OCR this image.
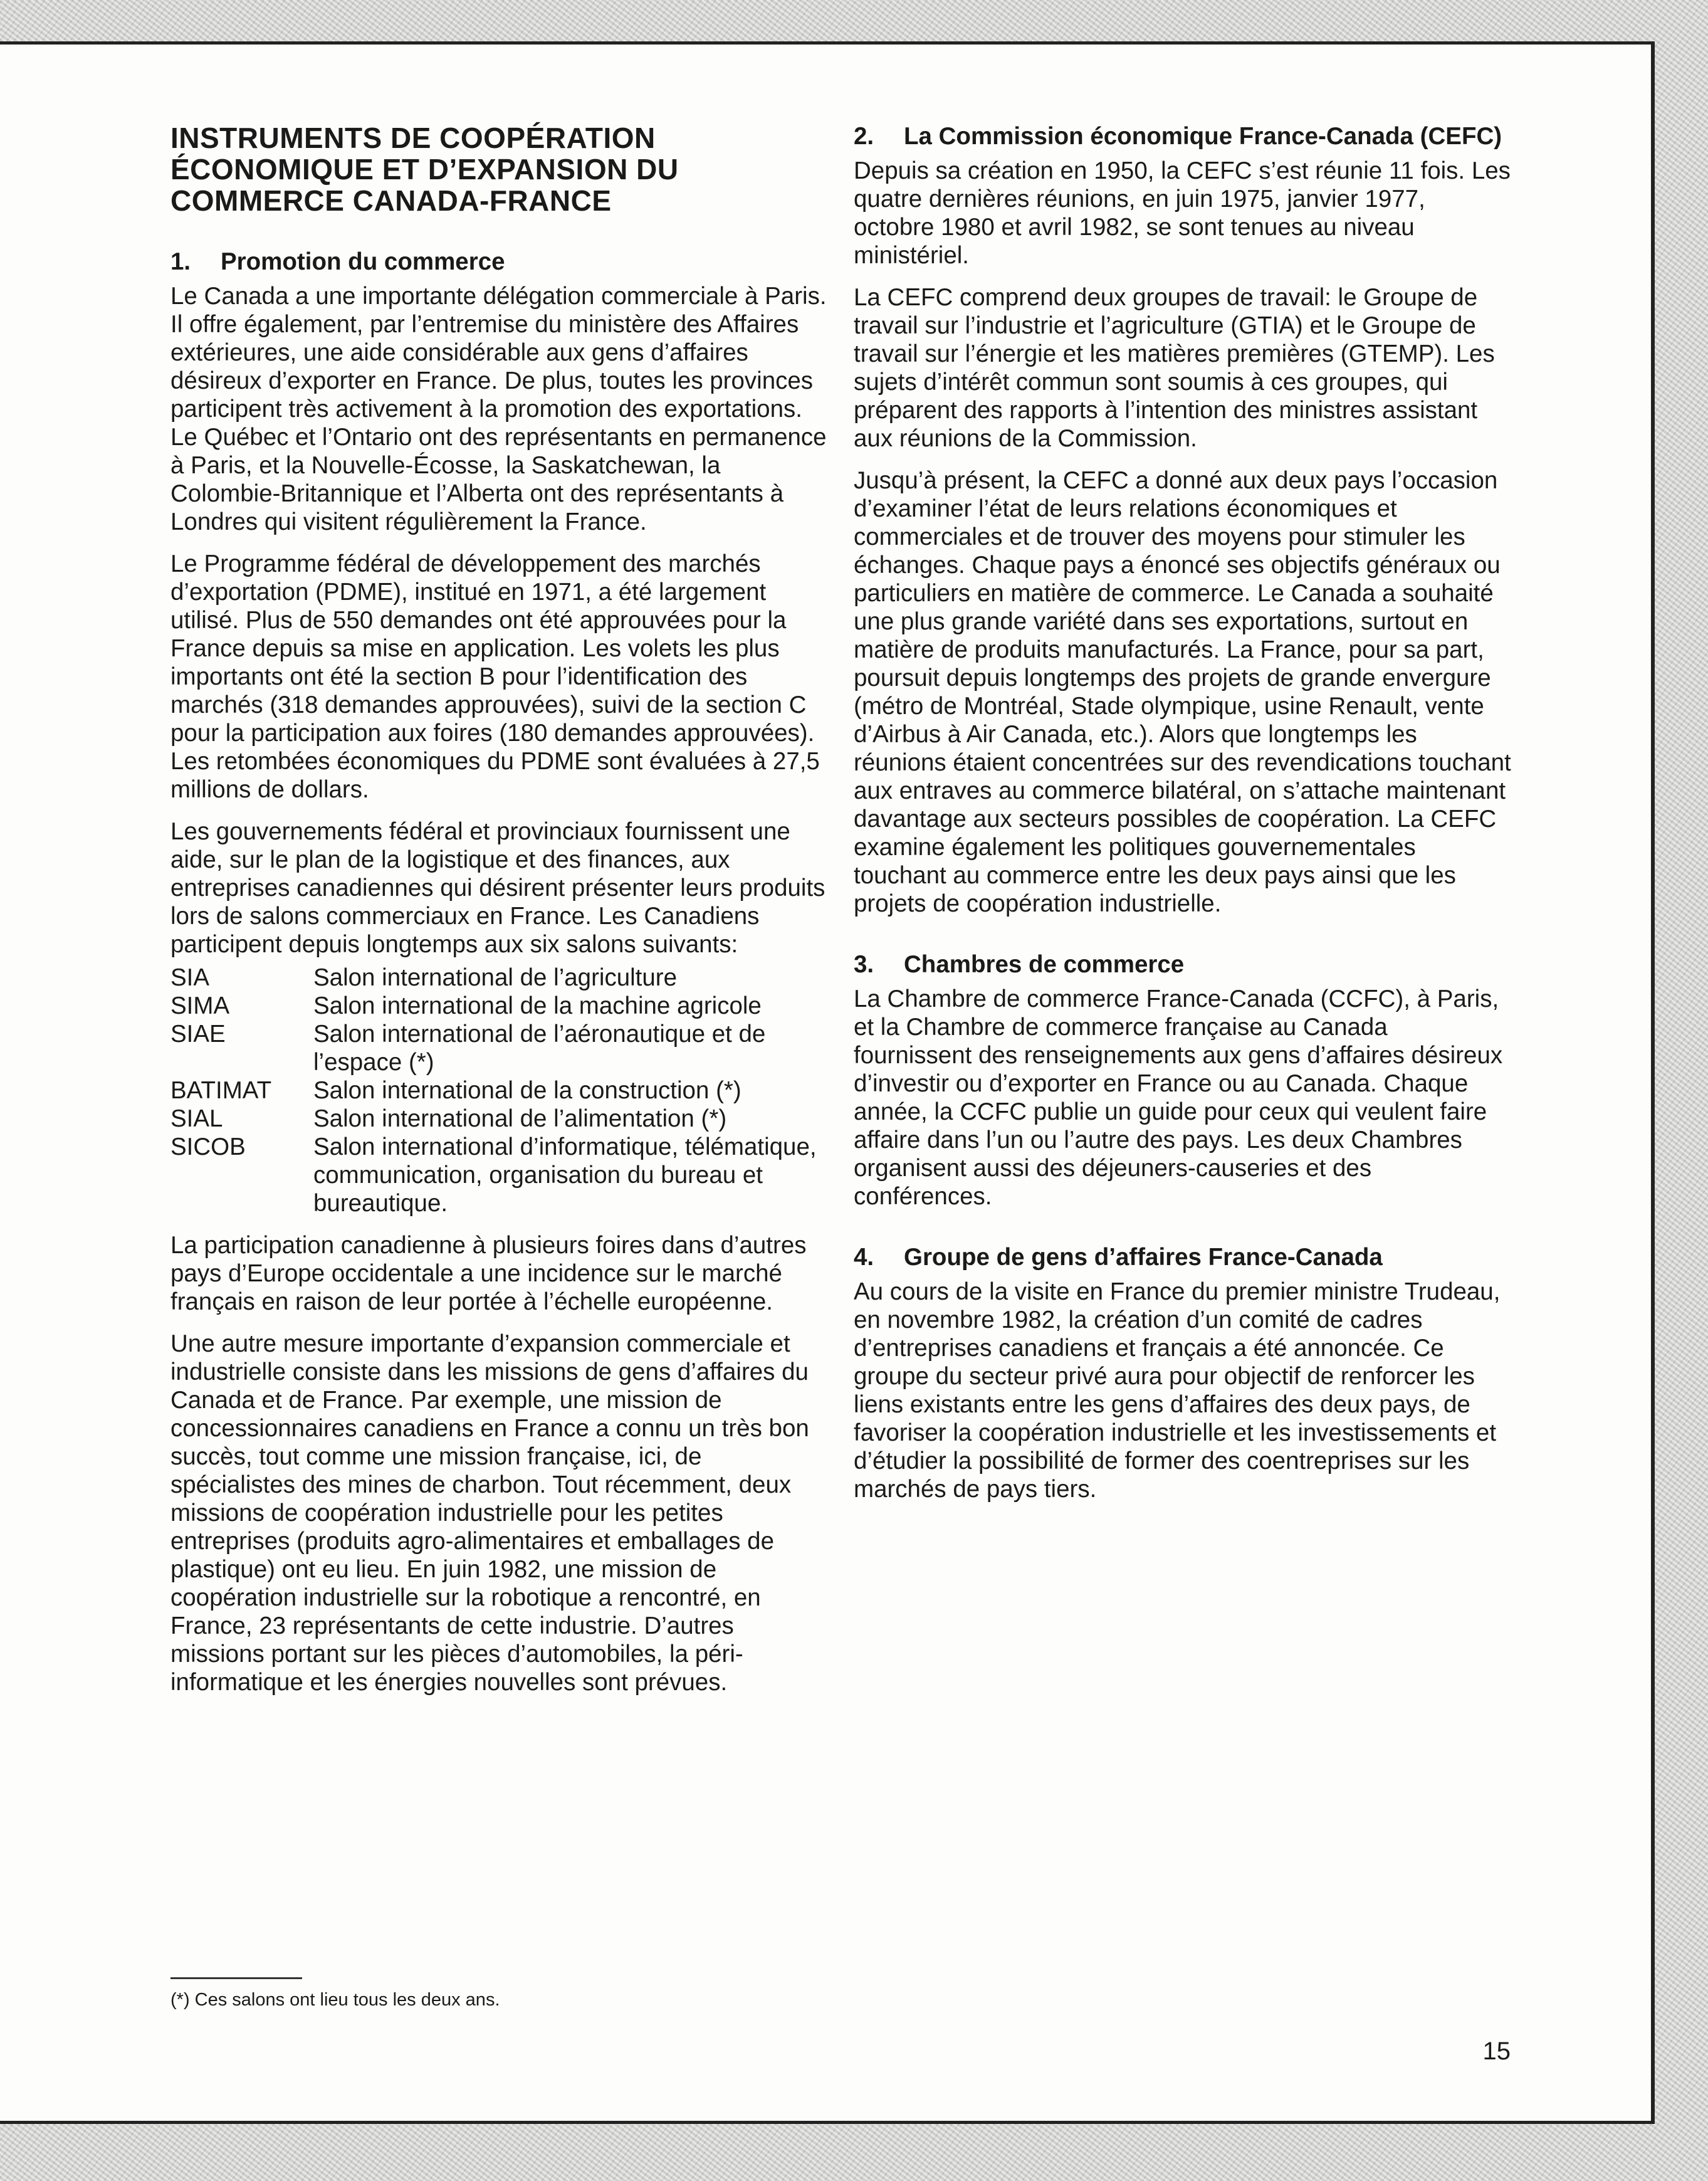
INSTRUMENTS DE COOPÉRATION ÉCONOMIQUE ET D’EXPANSION DU COMMERCE CANADA-FRANCE
1. Promotion du commerce

Le Canada a une importante délégation commerciale à Paris. Il offre également, par l’entremise du ministère des Affaires extérieures, une aide considérable aux gens d’affaires désireux d’exporter en France. De plus, toutes les provinces participent très activement à la promotion des exportations. Le Québec et l’Ontario ont des représentants en permanence à Paris, et la Nouvelle-Écosse, la Saskatchewan, la Colombie-Britannique et l’Alberta ont des représentants à Londres qui visitent régulièrement la France.

Le Programme fédéral de développement des marchés d’exportation (PDME), institué en 1971, a été largement utilisé. Plus de 550 demandes ont été approuvées pour la France depuis sa mise en application. Les volets les plus importants ont été la section B pour l’identification des marchés (318 demandes approuvées), suivi de la section C pour la participation aux foires (180 demandes approuvées). Les retombées économiques du PDME sont évaluées à 27,5 millions de dollars.

Les gouvernements fédéral et provinciaux fournissent une aide, sur le plan de la logistique et des finances, aux entreprises canadiennes qui désirent présenter leurs produits lors de salons commerciaux en France. Les Canadiens participent depuis longtemps aux six salons suivants:

SIA	Salon international de l’agriculture
SIMA	Salon international de la machine agricole
SIAE	Salon international de l’aéronautique et de l’espace (*)
BATIMAT	Salon international de la construction (*)
SIAL	Salon international de l’alimentation (*)
SICOB	Salon international d’informatique, télématique, communication, organisation du bureau et bureautique.

La participation canadienne à plusieurs foires dans d’autres pays d’Europe occidentale a une incidence sur le marché français en raison de leur portée à l’échelle européenne.

Une autre mesure importante d’expansion commerciale et industrielle consiste dans les missions de gens d’affaires du Canada et de France. Par exemple, une mission de concessionnaires canadiens en France a connu un très bon succès, tout comme une mission française, ici, de spécialistes des mines de charbon. Tout récemment, deux missions de coopération industrielle pour les petites entreprises (produits agro-alimentaires et emballages de plastique) ont eu lieu. En juin 1982, une mission de coopération industrielle sur la robotique a rencontré, en France, 23 représentants de cette industrie. D’autres missions portant sur les pièces d’automobiles, la péri-informatique et les énergies nouvelles sont prévues.

2. La Commission économique France-Canada (CEFC)

Depuis sa création en 1950, la CEFC s’est réunie 11 fois. Les quatre dernières réunions, en juin 1975, janvier 1977, octobre 1980 et avril 1982, se sont tenues au niveau ministériel.

La CEFC comprend deux groupes de travail: le Groupe de travail sur l’industrie et l’agriculture (GTIA) et le Groupe de travail sur l’énergie et les matières premières (GTEMP). Les sujets d’intérêt commun sont soumis à ces groupes, qui préparent des rapports à l’intention des ministres assistant aux réunions de la Commission.

Jusqu’à présent, la CEFC a donné aux deux pays l’occasion d’examiner l’état de leurs relations économiques et commerciales et de trouver des moyens pour stimuler les échanges. Chaque pays a énoncé ses objectifs généraux ou particuliers en matière de commerce. Le Canada a souhaité une plus grande variété dans ses exportations, surtout en matière de produits manufacturés. La France, pour sa part, poursuit depuis longtemps des projets de grande envergure (métro de Montréal, Stade olympique, usine Renault, vente d’Airbus à Air Canada, etc.). Alors que longtemps les réunions étaient concentrées sur des revendications touchant aux entraves au commerce bilatéral, on s’attache maintenant davantage aux secteurs possibles de coopération. La CEFC examine également les politiques gouvernementales touchant au commerce entre les deux pays ainsi que les projets de coopération industrielle.

3. Chambres de commerce

La Chambre de commerce France-Canada (CCFC), à Paris, et la Chambre de commerce française au Canada fournissent des renseignements aux gens d’affaires désireux d’investir ou d’exporter en France ou au Canada. Chaque année, la CCFC publie un guide pour ceux qui veulent faire affaire dans l’un ou l’autre des pays. Les deux Chambres organisent aussi des déjeuners-causeries et des conférences.

4. Groupe de gens d’affaires France-Canada

Au cours de la visite en France du premier ministre Trudeau, en novembre 1982, la création d’un comité de cadres d’entreprises canadiens et français a été annoncée. Ce groupe du secteur privé aura pour objectif de renforcer les liens existants entre les gens d’affaires des deux pays, de favoriser la coopération industrielle et les investissements et d’étudier la possibilité de former des coentreprises sur les marchés de pays tiers.

(*) Ces salons ont lieu tous les deux ans.
15
